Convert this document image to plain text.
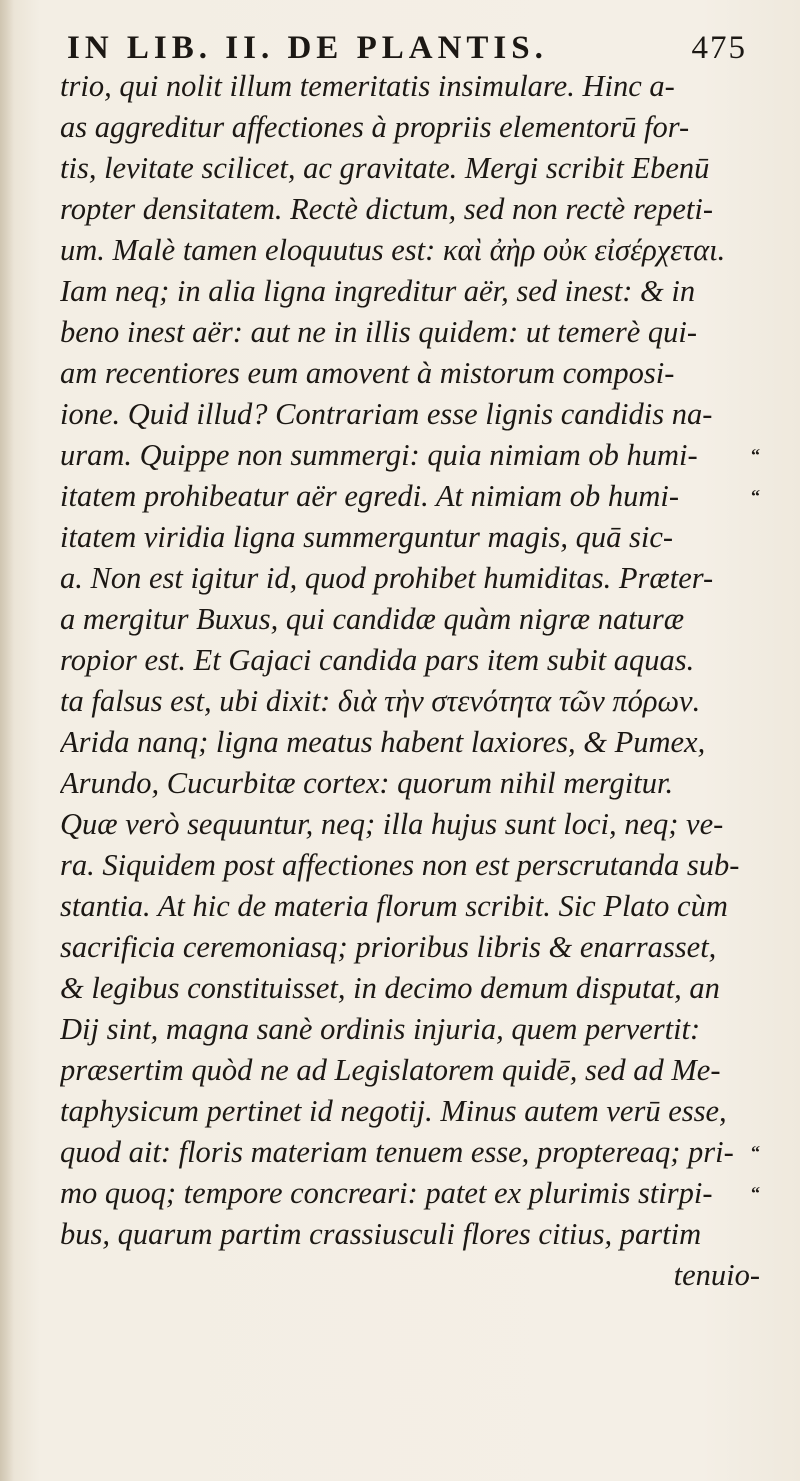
IN LIB. II. DE PLANTIS.	475
trio, qui nolit illum temeritatis insimulare. Hinc a-
as aggreditur affectiones à propriis elementorū for-
tis, levitate scilicet, ac gravitate. Mergi scribit Ebenū
ropter densitatem. Rectè dictum, sed non rectè repeti-
um. Malè tamen eloquutus est: καὶ ἀὴρ οὐκ εἰσέρχεται.
Iam neq; in alia ligna ingreditur aër, sed inest: & in
beno inest aër: aut ne in illis quidem: ut temerè qui-
am recentiores eum amovent à mistorum composi-
ione. Quid illud? Contrariam esse lignis candidis na-
uram. Quippe non summergi: quia nimiam ob humi-	“
itatem prohibeatur aër egredi. At nimiam ob humi-	“
itatem viridia ligna summerguntur magis, quā sic-
a. Non est igitur id, quod prohibet humiditas. Præter-
a mergitur Buxus, qui candidæ quàm nigræ naturæ
ropior est. Et Gajaci candida pars item subit aquas.
ta falsus est, ubi dixit: διὰ τὴν στενότητα τῶν πόρων.
Arida nanq; ligna meatus habent laxiores, & Pumex,
Arundo, Cucurbitæ cortex: quorum nihil mergitur.
Quæ verò sequuntur, neq; illa hujus sunt loci, neq; ve-
ra. Siquidem post affectiones non est perscrutanda sub-
stantia. At hic de materia florum scribit. Sic Plato cùm
sacrificia ceremoniasq; prioribus libris & enarrasset,
& legibus constituisset, in decimo demum disputat, an
Dij sint, magna sanè ordinis injuria, quem pervertit:
præsertim quòd ne ad Legislatorem quidē, sed ad Me-
taphysicum pertinet id negotij. Minus autem verū esse,
quod ait: floris materiam tenuem esse, proptereaq; pri- “
mo quoq; tempore concreari: patet ex plurimis stirpi- “
bus, quarum partim crassiusculi flores citius, partim
tenuio-
